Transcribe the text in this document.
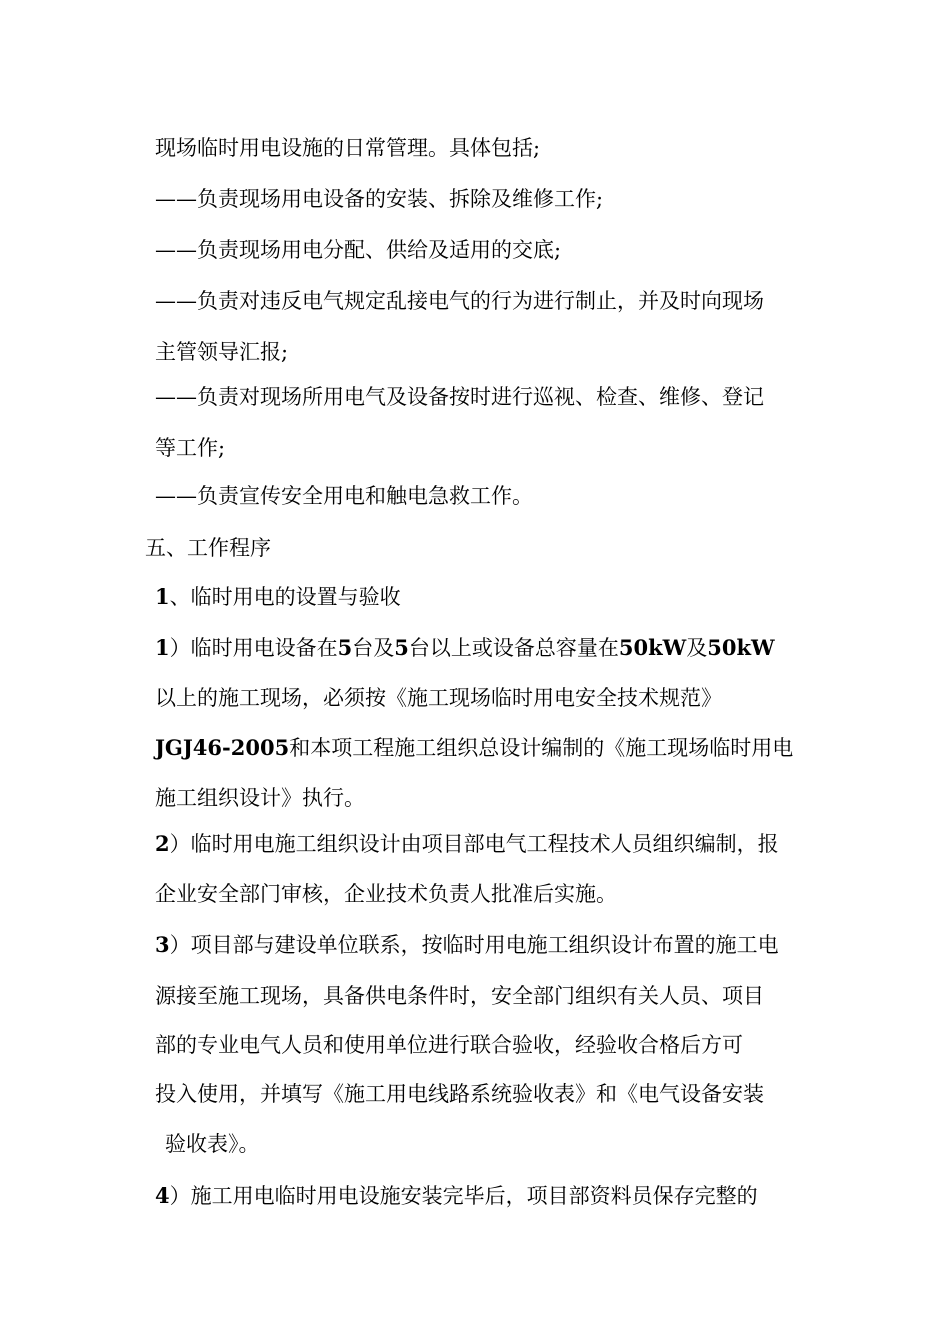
现场临时用电设施的日常管理。具体包括;

——负责现场用电设备的安装、拆除及维修工作;

——负责现场用电分配、供给及适用的交底;

——负责对违反电气规定乱接电气的行为进行制止，并及时向现场

主管领导汇报;

——负责对现场所用电气及设备按时进行巡视、检查、维修、登记

等工作;

——负责宣传安全用电和触电急救工作。

五、工作程序

1、临时用电的设置与验收

1）临时用电设备在5台及5台以上或设备总容量在50kW及50kW

以上的施工现场，必须按《施工现场临时用电安全技术规范》

JGJ46-2005和本项工程施工组织总设计编制的《施工现场临时用电

施工组织设计》执行。

2）临时用电施工组织设计由项目部电气工程技术人员组织编制，报

企业安全部门审核，企业技术负责人批准后实施。

3）项目部与建设单位联系，按临时用电施工组织设计布置的施工电

源接至施工现场，具备供电条件时，安全部门组织有关人员、项目

部的专业电气人员和使用单位进行联合验收，经验收合格后方可

投入使用，并填写《施工用电线路系统验收表》和《电气设备安装

验收表》。

4）施工用电临时用电设施安装完毕后，项目部资料员保存完整的
